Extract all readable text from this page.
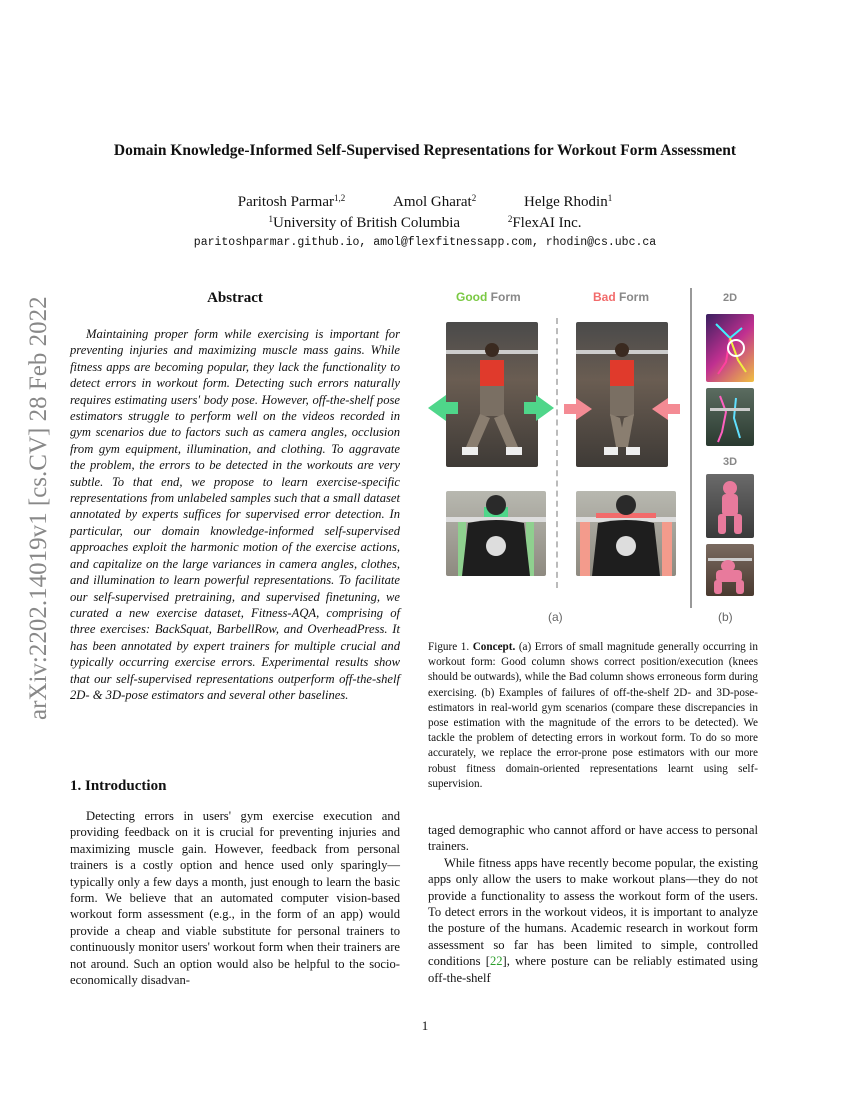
arXiv:2202.14019v1 [cs.CV] 28 Feb 2022
Domain Knowledge-Informed Self-Supervised Representations for Workout Form Assessment
Paritosh Parmar$^{1,2}$	Amol Gharat$^2$	Helge Rhodin$^1$
$^1$University of British Columbia	$^2$FlexAI Inc.
paritoshparmar.github.io, amol@flexfitnessapp.com, rhodin@cs.ubc.ca
Abstract

Maintaining proper form while exercising is important for preventing injuries and maximizing muscle mass gains. While fitness apps are becoming popular, they lack the functionality to detect errors in workout form. Detecting such errors naturally requires estimating users' body pose. However, off-the-shelf pose estimators struggle to perform well on the videos recorded in gym scenarios due to factors such as camera angles, occlusion from gym equipment, illumination, and clothing. To aggravate the problem, the errors to be detected in the workouts are very subtle. To that end, we propose to learn exercise-specific representations from unlabeled samples such that a small dataset annotated by experts suffices for supervised error detection. In particular, our domain knowledge-informed self-supervised approaches exploit the harmonic motion of the exercise actions, and capitalize on the large variances in camera angles, clothes, and illumination to learn powerful representations. To facilitate our self-supervised pretraining, and supervised finetuning, we curated a new exercise dataset, Fitness-AQA, comprising of three exercises: BackSquat, BarbellRow, and OverheadPress. It has been annotated by expert trainers for multiple crucial and typically occurring exercise errors. Experimental results show that our self-supervised representations outperform off-the-shelf 2D- & 3D-pose estimators and several other baselines.

1. Introduction

Detecting errors in users' gym exercise execution and providing feedback on it is crucial for preventing injuries and maximizing muscle gain. However, feedback from personal trainers is a costly option and hence used only sparingly—typically only a few days a month, just enough to learn the basic form. We believe that an automated computer vision-based workout form assessment (e.g., in the form of an app) would provide a cheap and viable substitute for personal trainers to continuously monitor users' workout form when their trainers are not around. Such an option would also be helpful to the socio-economically disadvan-

Good Form	Bad Form	2D
3D
(a)	(b)
Figure 1. Concept. (a) Errors of small magnitude generally occurring in workout form: Good column shows correct position/execution (knees should be outwards), while the Bad column shows erroneous form during exercising. (b) Examples of failures of off-the-shelf 2D- and 3D-pose-estimators in real-world gym scenarios (compare these discrepancies in pose estimation with the magnitude of the errors to be detected). We tackle the problem of detecting errors in workout form. To do so more accurately, we replace the error-prone pose estimators with our more robust fitness domain-oriented representations learnt using self-supervision.

taged demographic who cannot afford or have access to personal trainers.

While fitness apps have recently become popular, the existing apps only allow the users to make workout plans—they do not provide a functionality to assess the workout form of the users. To detect errors in the workout videos, it is important to analyze the posture of the humans. Academic research in workout form assessment so far has been limited to simple, controlled conditions [22], where posture can be reliably estimated using off-the-shelf

1
